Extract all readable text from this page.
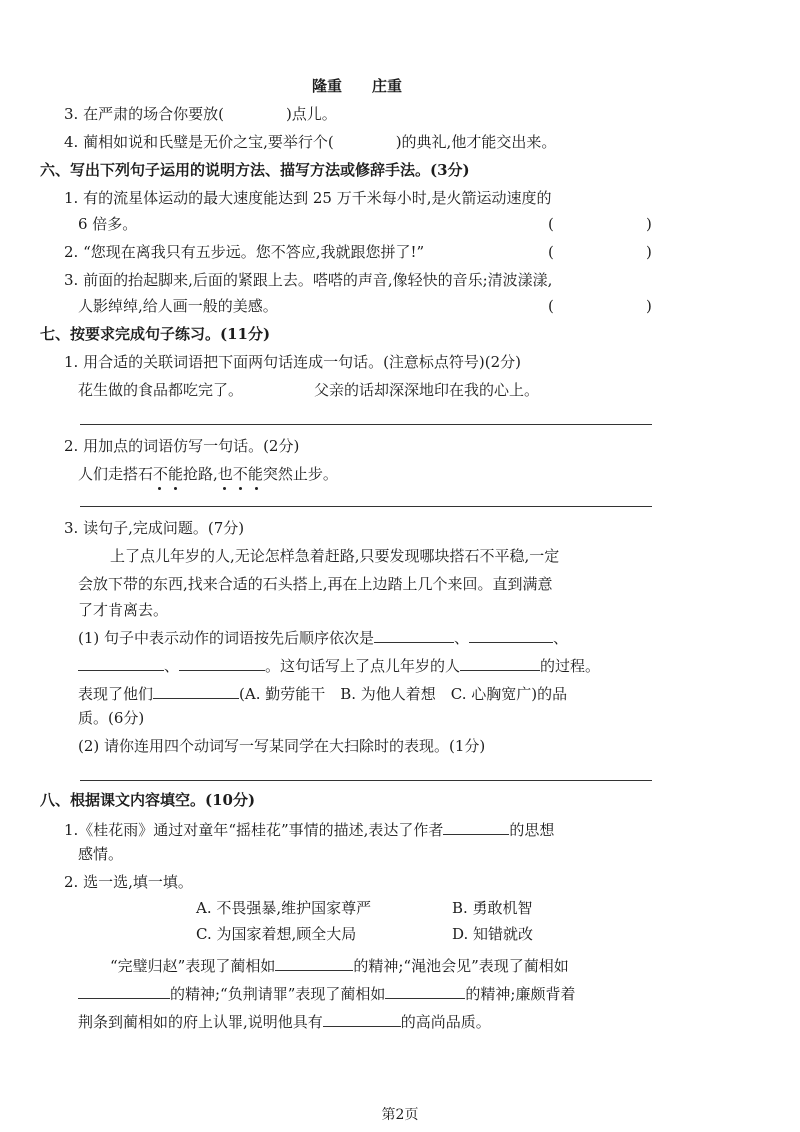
隆重　　庄重
3. 在严肃的场合你要放(	)点儿。
4. 蔺相如说和氏璧是无价之宝,要举行个(	)的典礼,他才能交出来。
六、写出下列句子运用的说明方法、描写方法或修辞手法。(3分)
1. 有的流星体运动的最大速度能达到 25 万千米每小时,是火箭运动速度的
6 倍多。	(	)
2. “您现在离我只有五步远。您不答应,我就跟您拼了!”	(	)
3. 前面的抬起脚来,后面的紧跟上去。嗒嗒的声音,像轻快的音乐;清波漾漾,
人影绰绰,给人画一般的美感。	(	)
七、按要求完成句子练习。(11分)
1. 用合适的关联词语把下面两句话连成一句话。(注意标点符号)(2分)
花生做的食品都吃完了。	父亲的话却深深地印在我的心上。
2. 用加点的词语仿写一句话。(2分)
人们走搭石不能
抢路,也不能
突然止步。
3. 读句子,完成问题。(7分)
上了点儿年岁的人,无论怎样急着赶路,只要发现哪块搭石不平稳,一定
会放下带的东西,找来合适的石头搭上,再在上边踏上几个来回。直到满意
了才肯离去。
(1) 句子中表示动作的词语按先后顺序依次是	、	、
、	。这句话写上了点儿年岁的人	的过程。
表现了他们	(A. 勤劳能干　B. 为他人着想　C. 心胸宽广)的品
质。(6分)
(2) 请你连用四个动词写一写某同学在大扫除时的表现。(1分)
八、根据课文内容填空。(10分)
1.《桂花雨》通过对童年“摇桂花”事情的描述,表达了作者	的思想
感情。
2. 选一选,填一填。
A. 不畏强暴,维护国家尊严	B. 勇敢机智
C. 为国家着想,顾全大局	D. 知错就改
“完璧归赵”表现了蔺相如	的精神;“渑池会见”表现了蔺相如
的精神;“负荆请罪”表现了蔺相如	的精神;廉颇背着
荆条到蔺相如的府上认罪,说明他具有	的高尚品质。
第2页
